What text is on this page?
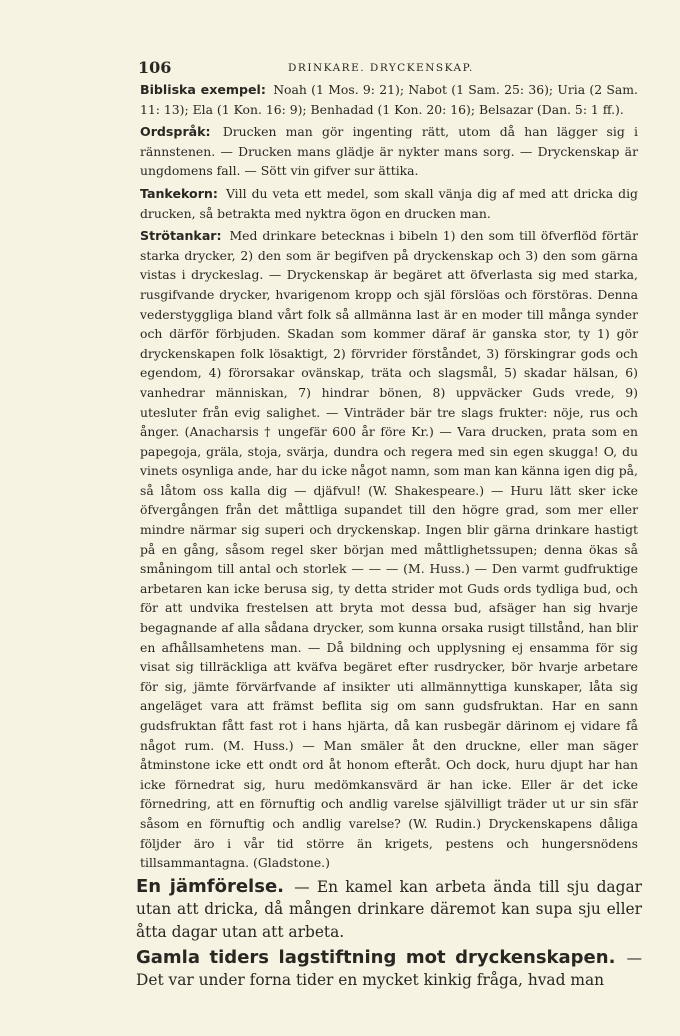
106	DRINKARE. DRYCKENSKAP.

Bibliska exempel: Noah (1 Mos. 9: 21); Nabot (1 Sam. 25: 36); Uria (2 Sam. 11: 13); Ela (1 Kon. 16: 9); Benhadad (1 Kon. 20: 16); Belsazar (Dan. 5: 1 ff.).

Ordspråk: Drucken man gör ingenting rätt, utom då han lägger sig i rännstenen. — Drucken mans glädje är nykter mans sorg. — Dryckenskap är ungdomens fall. — Sött vin gifver sur ättika.

Tankekorn: Vill du veta ett medel, som skall vänja dig af med att dricka dig drucken, så betrakta med nyktra ögon en drucken man.

Strötankar: Med drinkare betecknas i bibeln 1) den som till öfverflöd förtär starka drycker, 2) den som är begifven på dryckenskap och 3) den som gärna vistas i dryckeslag. — Dryckenskap är begäret att öfverlasta sig med starka, rusgifvande drycker, hvarigenom kropp och själ förslöas och förstöras. Denna vederstyggliga bland vårt folk så allmänna last är en moder till många synder och därför förbjuden. Skadan som kommer däraf är ganska stor, ty 1) gör dryckenskapen folk lösaktigt, 2) förvrider förståndet, 3) förskingrar gods och egendom, 4) förorsakar ovänskap, träta och slagsmål, 5) skadar hälsan, 6) vanhedrar människan, 7) hindrar bönen, 8) uppväcker Guds vrede, 9) utesluter från evig salighet. — Vinträder bär tre slags frukter: nöje, rus och ånger. (Anacharsis † ungefär 600 år före Kr.) — Vara drucken, prata som en papegoja, gräla, stoja, svärja, dundra och regera med sin egen skugga! O, du vinets osynliga ande, har du icke något namn, som man kan känna igen dig på, så låtom oss kalla dig — djäfvul! (W. Shakespeare.) — Huru lätt sker icke öfvergången från det måttliga supandet till den högre grad, som mer eller mindre närmar sig superi och dryckenskap. Ingen blir gärna drinkare hastigt på en gång, såsom regel sker början med måttlighetssupen; denna ökas så småningom till antal och storlek — — — (M. Huss.) — Den varmt gudfruktige arbetaren kan icke berusa sig, ty detta strider mot Guds ords tydliga bud, och för att undvika frestelsen att bryta mot dessa bud, afsäger han sig hvarje begagnande af alla sådana drycker, som kunna orsaka rusigt tillstånd, han blir en afhållsamhetens man. — Då bildning och upplysning ej ensamma för sig visat sig tillräckliga att kväfva begäret efter rusdrycker, bör hvarje arbetare för sig, jämte förvärfvande af insikter uti allmännyttiga kunskaper, låta sig angeläget vara att främst beflita sig om sann gudsfruktan. Har en sann gudsfruktan fått fast rot i hans hjärta, då kan rusbegär därinom ej vidare få något rum. (M. Huss.) — Man smäler åt den druckne, eller man säger åtminstone icke ett ondt ord åt honom efteråt. Och dock, huru djupt har han icke förnedrat sig, huru medömkansvärd är han icke. Eller är det icke förnedring, att en förnuftig och andlig varelse självilligt träder ut ur sin sfär såsom en förnuftig och andlig varelse? (W. Rudin.) Dryckenskapens dåliga följder äro i vår tid större än krigets, pestens och hungersnödens tillsammantagna. (Gladstone.)

En jämförelse. — En kamel kan arbeta ända till sju dagar utan att dricka, då mången drinkare däremot kan supa sju eller åtta dagar utan att arbeta.

Gamla tiders lagstiftning mot dryckenskapen. — Det var under forna tider en mycket kinkig fråga, hvad man
